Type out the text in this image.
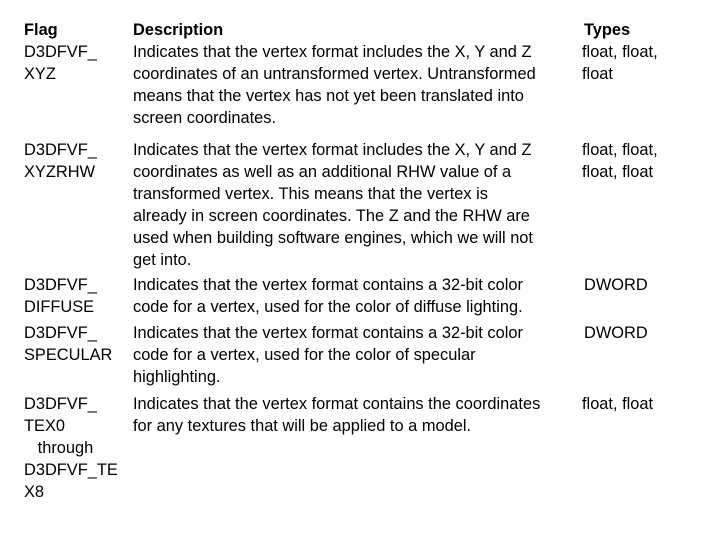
Flag	Description	Types
D3DFVF_
XYZ
Indicates that the vertex format includes the X, Y and Z
coordinates of an untransformed vertex. Untransformed
means that the vertex has not yet been translated into
screen coordinates.
float, float,
float
D3DFVF_
XYZRHW
Indicates that the vertex format includes the X, Y and Z
coordinates as well as an additional RHW value of a
transformed vertex. This means that the vertex is
already in screen coordinates. The Z and the RHW are
used when building software engines, which we will not
get into.
float, float,
float, float
D3DFVF_
DIFFUSE
Indicates that the vertex format contains a 32-bit color
code for a vertex, used for the color of diffuse lighting.
DWORD
D3DFVF_
SPECULAR
Indicates that the vertex format contains a 32-bit color
code for a vertex, used for the color of specular
highlighting.
DWORD
D3DFVF_
TEX0
through
D3DFVF_TE
X8
Indicates that the vertex format contains the coordinates
for any textures that will be applied to a model.
float, float
